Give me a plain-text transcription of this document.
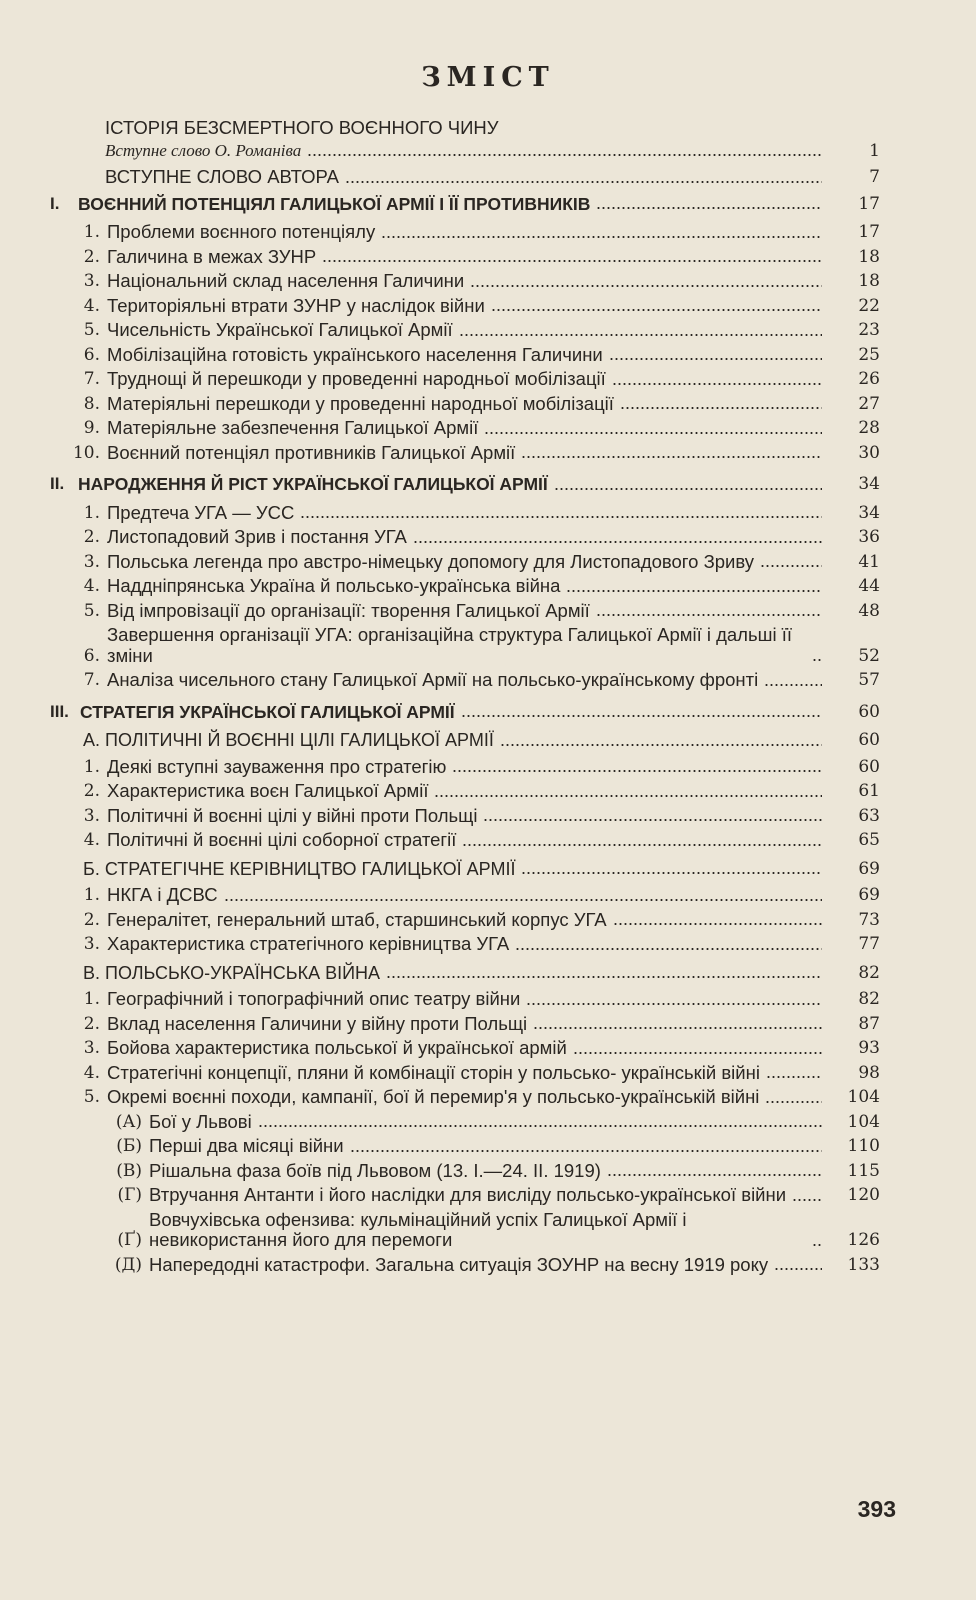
ЗМІСТ
ІСТОРІЯ БЕЗСМЕРТНОГО ВОЄННОГО ЧИНУ
Вступне слово О. Романіва	1
ВСТУПНЕ СЛОВО АВТОРА	7
I.	ВОЄННИЙ ПОТЕНЦІЯЛ ГАЛИЦЬКОЇ АРМІЇ І ЇЇ ПРОТИВНИКІВ	17
1. Проблеми воєнного потенціялу	17
2. Галичина в межах ЗУНР	18
3. Національний склад населення Галичини	18
4. Територіяльні втрати ЗУНР у наслідок війни	22
5. Чисельність Української Галицької Армії	23
6. Мобілізаційна готовість українського населення Галичини	25
7. Труднощі й перешкоди у проведенні народньої мобілізації	26
8. Матеріяльні перешкоди у проведенні народньої мобілізації	27
9. Матеріяльне забезпечення Галицької Армії	28
10. Воєнний потенціял противників Галицької Армії	30
II. НАРОДЖЕННЯ Й РІСТ УКРАЇНСЬКОЇ ГАЛИЦЬКОЇ АРМІЇ	34
1. Предтеча УГА — УСС	34
2. Листопадовий Зрив і постання УГА	36
3. Польська легенда про австро-німецьку допомогу для Листопадового Зриву	41
4. Наддніпрянська Україна й польсько-українська війна	44
5. Від імпровізації до організації: творення Галицької Армії	48
6.
Завершення організації УГА: організаційна структура Галицької Армії і дальші її зміни	52
7. Аналіза чисельного стану Галицької Армії на польсько-українському фронті	57
III. СТРАТЕГІЯ УКРАЇНСЬКОЇ ГАЛИЦЬКОЇ АРМІЇ	60
А. ПОЛІТИЧНІ Й ВОЄННІ ЦІЛІ ГАЛИЦЬКОЇ АРМІЇ	60
1. Деякі вступні зауваження про стратегію	60
2. Характеристика воєн Галицької Армії	61
3. Політичні й воєнні цілі у війні проти Польщі	63
4. Політичні й воєнні цілі соборної стратегії	65
Б. СТРАТЕГІЧНЕ КЕРІВНИЦТВО ГАЛИЦЬКОЇ АРМІЇ	69
1. НКГА і ДСВС	69
2. Генералітет, генеральний штаб, старшинський корпус УГА	73
3. Характеристика стратегічного керівництва УГА	77
В. ПОЛЬСЬКО-УКРАЇНСЬКА ВІЙНА	82
1. Географічний і топографічний опис театру війни	82
2. Вклад населення Галичини у війну проти Польщі	87
3. Бойова характеристика польської й української армій	93
4. Стратегічні концепції, пляни й комбінації сторін у польсько- українській війні	98
5. Окремі воєнні походи, кампанії, бої й перемир'я у польсько-українській війні	104
(А) Бої у Львові	104
(Б) Перші два місяці війни	110
(В) Рішальна фаза боїв під Львовом (13. I.—24. II. 1919)	115
(Г) Втручання Антанти і його наслідки для висліду польсько-української війни	120
(Ґ)
Вовчухівська офензива: кульмінаційний успіх Галицької Армії і невикористання його для перемоги	126
(Д) Напередодні катастрофи. Загальна ситуація ЗОУНР на весну 1919 року	133
393
